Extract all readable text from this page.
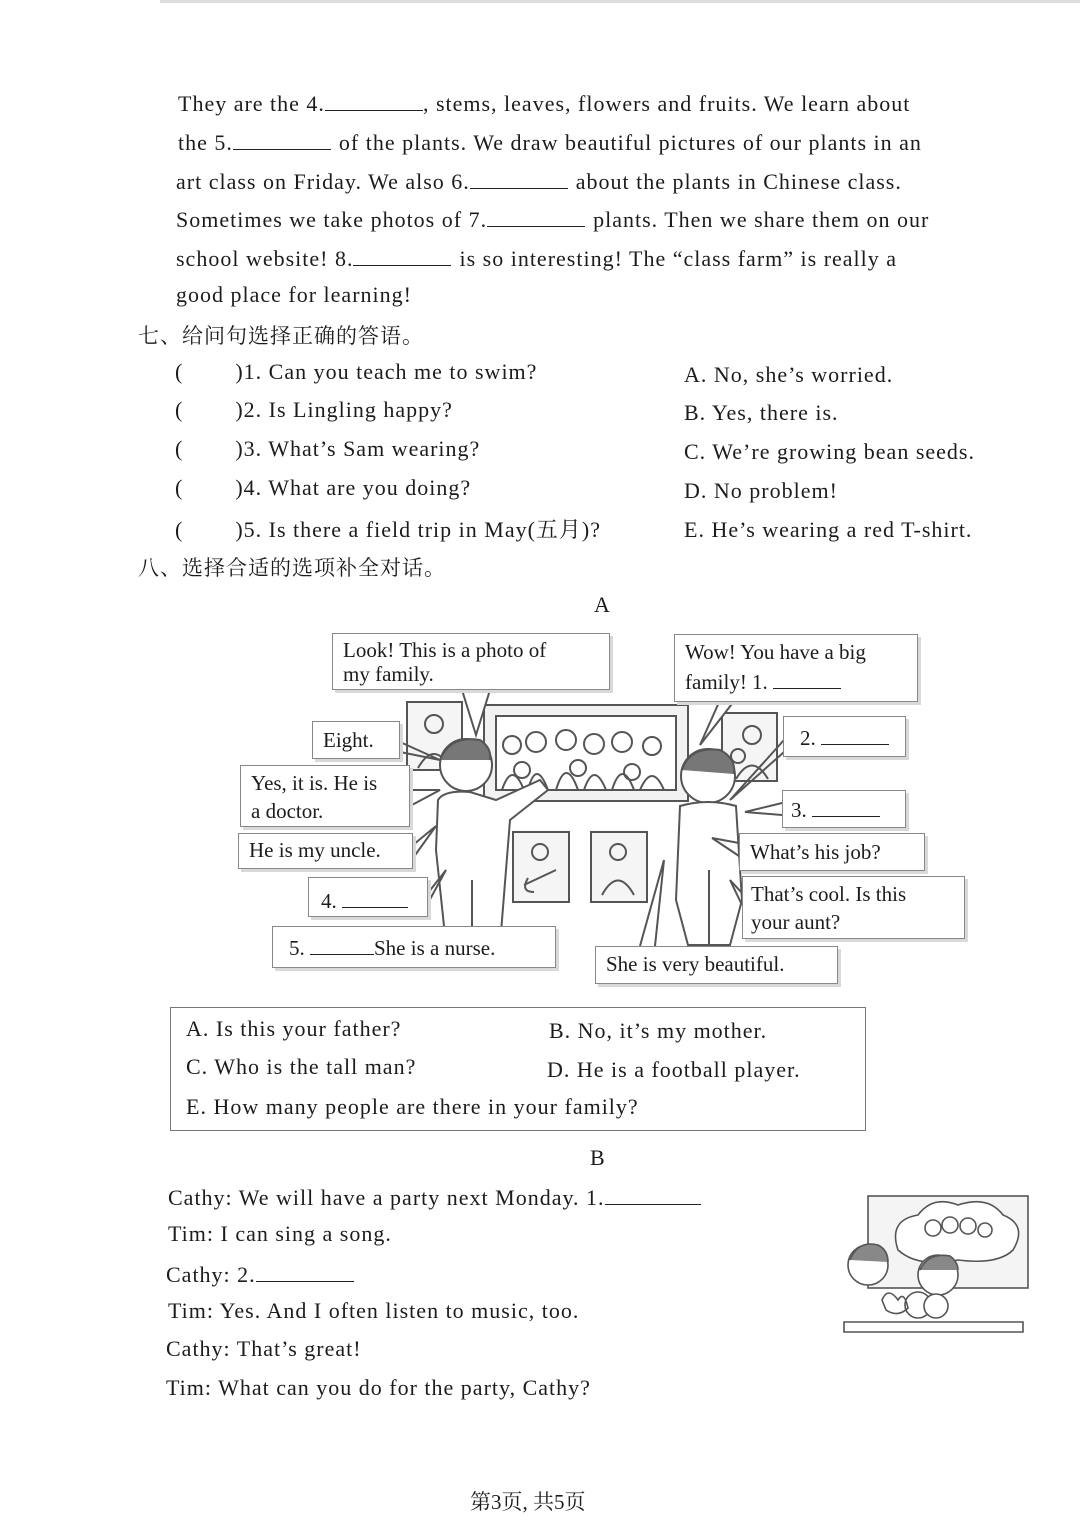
They are the 4.	, stems, leaves, flowers and fruits. We learn about
the 5.	of the plants. We draw beautiful pictures of our plants in an
art class on Friday. We also 6.	about the plants in Chinese class.
Sometimes we take photos of 7.	plants. Then we share them on our
school website! 8.	is so interesting! The “class farm” is really a
good place for learning!
七、给问句选择正确的答语。
( )1. Can you teach me to swim?
( )2. Is Lingling happy?
( )3. What’s Sam wearing?
( )4. What are you doing?
( )5. Is there a field trip in May(五月)?
A. No, she’s worried.
B. Yes, there is.
C. We’re growing bean seeds.
D. No problem!
E. He’s wearing a red T-shirt.
八、选择合适的选项补全对话。
A
Look! This is a photo of
my family.
Wow! You have a big
family! 1.
Eight.	2.
Yes, it is. He is
a doctor.	3.
He is my uncle.	What’s his job?
4.	That’s cool. Is this
your aunt?
5.	She is a nurse.
She is very beautiful.
A. Is this your father?	B. No, it’s my mother.
C. Who is the tall man?	D. He is a football player.
E. How many people are there in your family?
B
Cathy: We will have a party next Monday. 1.
Tim: I can sing a song.
Cathy: 2.
Tim: Yes. And I often listen to music, too.
Cathy: That’s great!
Tim: What can you do for the party, Cathy?
第3页, 共5页
